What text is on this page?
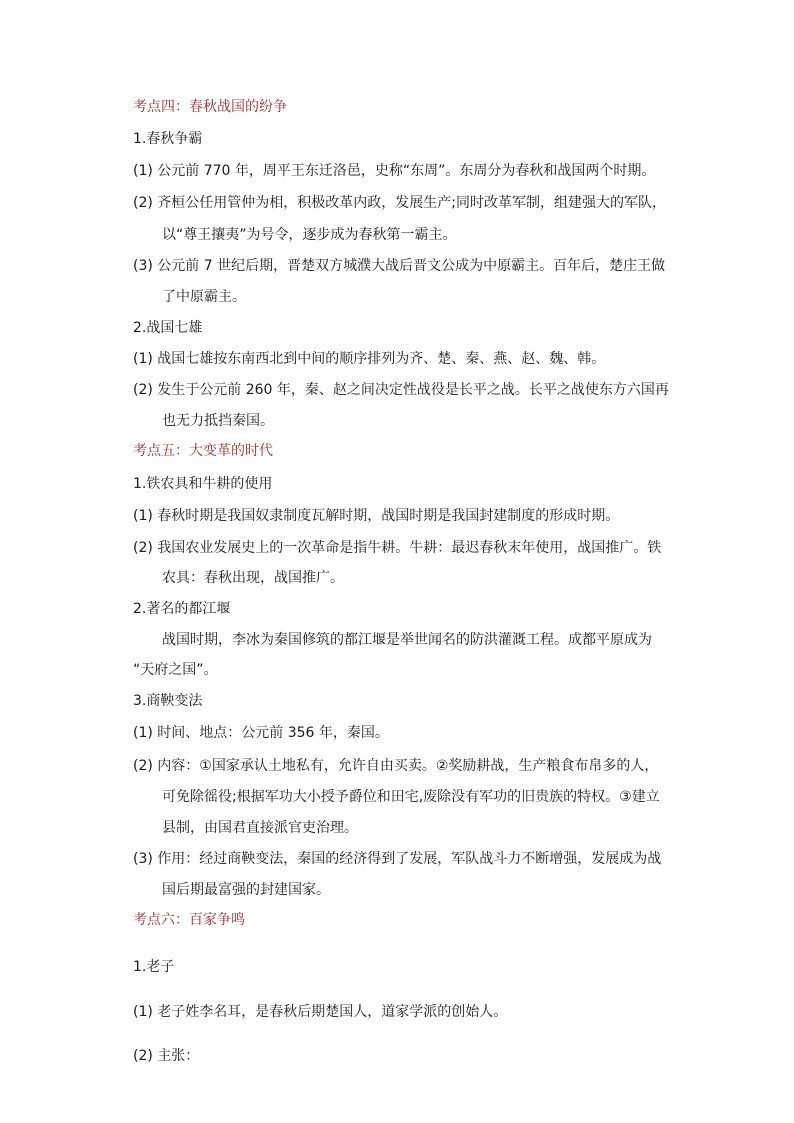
考点四：春秋战国的纷争
1.春秋争霸
(1) 公元前 770 年，周平王东迁洛邑，史称“东周”。东周分为春秋和战国两个时期。
(2) 齐桓公任用管仲为相，积极改革内政，发展生产;同时改革军制，组建强大的军队，
以“尊王攘夷”为号令，逐步成为春秋第一霸主。
(3) 公元前 7 世纪后期，晋楚双方城濮大战后晋文公成为中原霸主。百年后，楚庄王做
了中原霸主。
2.战国七雄
(1) 战国七雄按东南西北到中间的顺序排列为齐、楚、秦、燕、赵、魏、韩。
(2) 发生于公元前 260 年，秦、赵之间决定性战役是长平之战。长平之战使东方六国再
也无力抵挡秦国。
考点五：大变革的时代
1.铁农具和牛耕的使用
(1) 春秋时期是我国奴隶制度瓦解时期，战国时期是我国封建制度的形成时期。
(2) 我国农业发展史上的一次革命是指牛耕。牛耕：最迟春秋末年使用，战国推广。铁
农具：春秋出现，战国推广。
2.著名的都江堰
战国时期，李冰为秦国修筑的都江堰是举世闻名的防洪灌溉工程。成都平原成为
“天府之国”。
3.商鞅变法
(1) 时间、地点：公元前 356 年，秦国。
(2) 内容：①国家承认土地私有，允许自由买卖。②奖励耕战，生产粮食布帛多的人，
可免除徭役;根据军功大小授予爵位和田宅,废除没有军功的旧贵族的特权。③建立
县制，由国君直接派官吏治理。
(3) 作用：经过商鞅变法，秦国的经济得到了发展，军队战斗力不断增强，发展成为战
国后期最富强的封建国家。
考点六：百家争鸣
1.老子
(1) 老子姓李名耳，是春秋后期楚国人，道家学派的创始人。
(2) 主张：
